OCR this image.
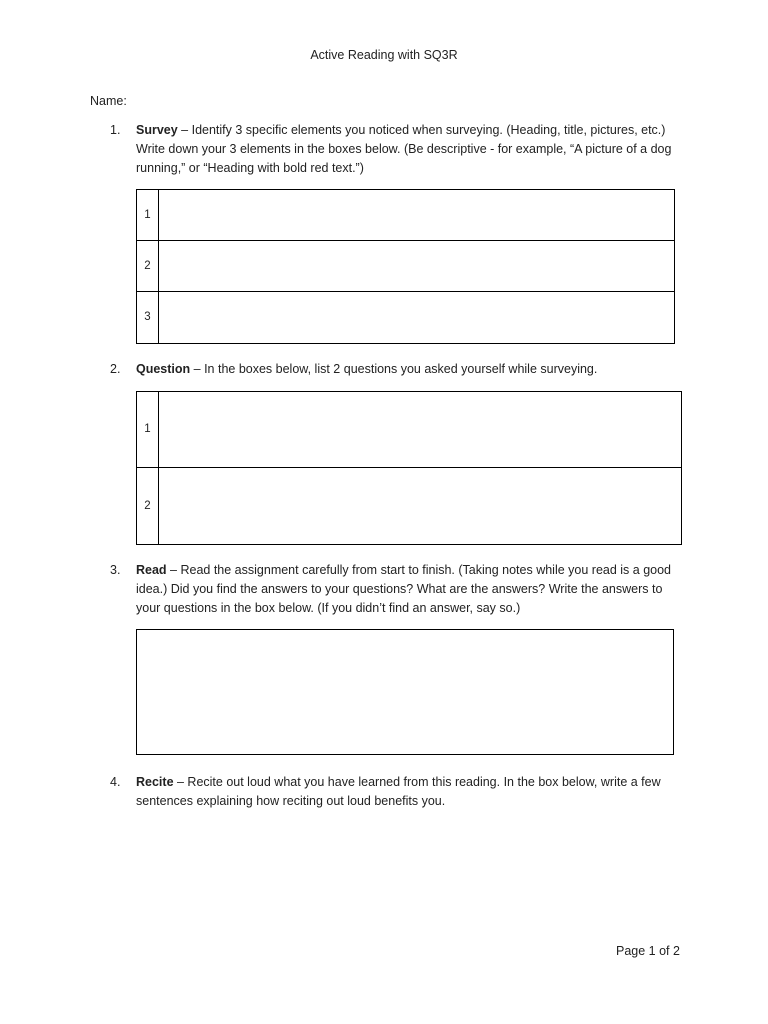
Active Reading with SQ3R
Name:
1. Survey – Identify 3 specific elements you noticed when surveying. (Heading, title, pictures, etc.) Write down your 3 elements in the boxes below. (Be descriptive - for example, “A picture of a dog running,” or “Heading with bold red text.”)
1	
2	
3	
2. Question – In the boxes below, list 2 questions you asked yourself while surveying.
1	
2	
3. Read – Read the assignment carefully from start to finish. (Taking notes while you read is a good idea.) Did you find the answers to your questions? What are the answers? Write the answers to your questions in the box below. (If you didn’t find an answer, say so.)
4. Recite – Recite out loud what you have learned from this reading. In the box below, write a few sentences explaining how reciting out loud benefits you.
Page 1 of 2
